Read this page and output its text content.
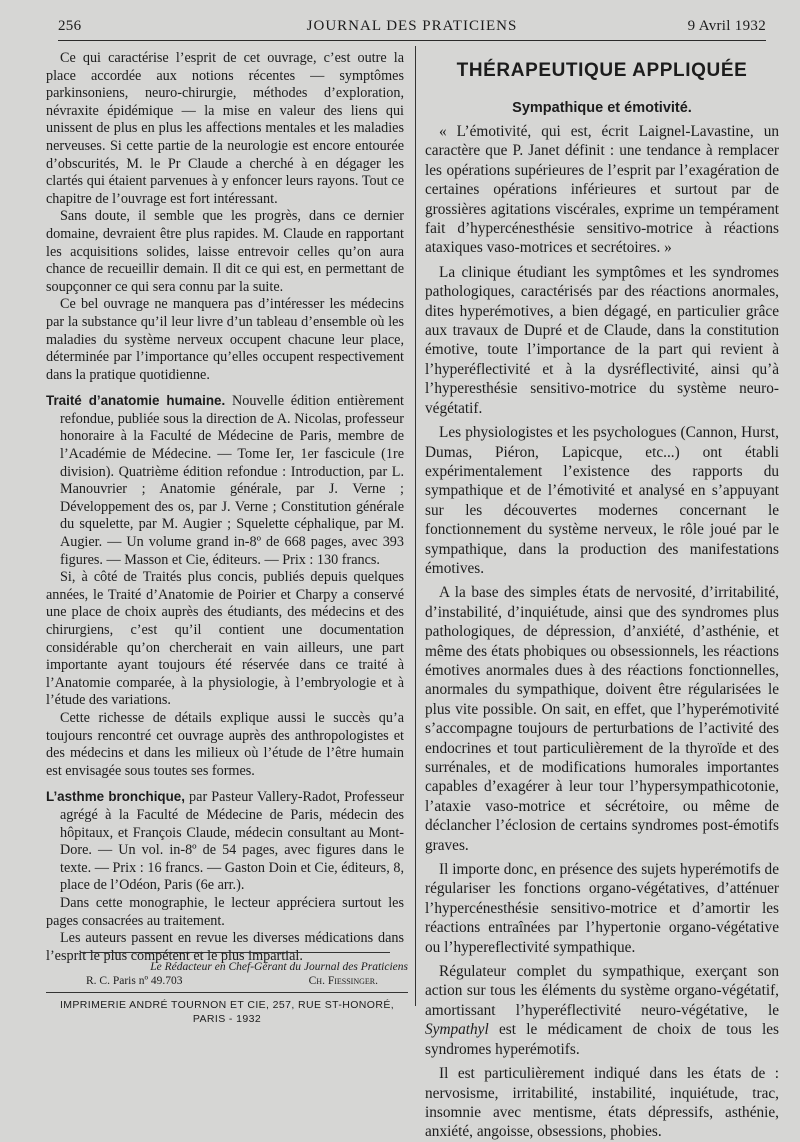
256	JOURNAL DES PRATICIENS	9 Avril 1932

Ce qui caractérise l’esprit de cet ouvrage, c’est outre la place accordée aux notions récentes — symptômes parkinsoniens, neuro-chirurgie, méthodes d’exploration, névraxite épidémique — la mise en valeur des liens qui unissent de plus en plus les affections mentales et les maladies nerveuses. Si cette partie de la neurologie est encore entourée d’obscurités, M. le Pr Claude a cherché à en dégager les clartés qui étaient parvenues à y enfoncer leurs rayons. Tout ce chapitre de l’ouvrage est fort intéressant.

Sans doute, il semble que les progrès, dans ce dernier domaine, devraient être plus rapides. M. Claude en rapportant les acquisitions solides, laisse entrevoir celles qu’on aura chance de recueillir demain. Il dit ce qui est, en permettant de soupçonner ce qui sera connu par la suite.

Ce bel ouvrage ne manquera pas d’intéresser les médecins par la substance qu’il leur livre d’un tableau d’ensemble où les maladies du système nerveux occupent chacune leur place, déterminée par l’importance qu’elles occupent respectivement dans la pratique quotidienne.

Traité d’anatomie humaine. Nouvelle édition entièrement refondue, publiée sous la direction de A. Nicolas, professeur honoraire à la Faculté de Médecine de Paris, membre de l’Académie de Médecine. — Tome Ier, 1er fascicule (1re division). Quatrième édition refondue : Introduction, par L. Manouvrier ; Anatomie générale, par J. Verne ; Développement des os, par J. Verne ; Constitution générale du squelette, par M. Augier ; Squelette céphalique, par M. Augier. — Un volume grand in-8º de 668 pages, avec 393 figures. — Masson et Cie, éditeurs. — Prix : 130 francs.

Si, à côté de Traités plus concis, publiés depuis quelques années, le Traité d’Anatomie de Poirier et Charpy a conservé une place de choix auprès des étudiants, des médecins et des chirurgiens, c’est qu’il contient une documentation considérable qu’on chercherait en vain ailleurs, une part importante ayant toujours été réservée dans ce traité à l’Anatomie comparée, à la physiologie, à l’embryologie et à l’étude des variations.

Cette richesse de détails explique aussi le succès qu’a toujours rencontré cet ouvrage auprès des anthropologistes et des médecins et dans les milieux où l’étude de l’être humain est envisagée sous toutes ses formes.

L’asthme bronchique, par Pasteur Vallery-Radot, Professeur agrégé à la Faculté de Médecine de Paris, médecin des hôpitaux, et François Claude, médecin consultant au Mont-Dore. — Un vol. in-8º de 54 pages, avec figures dans le texte. — Prix : 16 francs. — Gaston Doin et Cie, éditeurs, 8, place de l’Odéon, Paris (6e arr.).

Dans cette monographie, le lecteur appréciera surtout les pages consacrées au traitement.

Les auteurs passent en revue les diverses médications dans l’esprit le plus compétent et le plus impartial.

Le Rédacteur en Chef-Gérant du Journal des Praticiens
R. C. Paris nº 49.703	Ch. Fiessinger.
IMPRIMERIE ANDRÉ TOURNON ET CIE, 257, RUE ST-HONORÉ, PARIS - 1932
THÉRAPEUTIQUE APPLIQUÉE
Sympathique et émotivité.

« L’émotivité, qui est, écrit Laignel-Lavastine, un caractère que P. Janet définit : une tendance à remplacer les opérations supérieures de l’esprit par l’exagération de certaines opérations inférieures et surtout par de grossières agitations viscérales, exprime un tempérament fait d’hypercénesthésie sensitivo-motrice à réactions ataxiques vaso-motrices et secrétoires. »

La clinique étudiant les symptômes et les syndromes pathologiques, caractérisés par des réactions anormales, dites hyperémotives, a bien dégagé, en particulier grâce aux travaux de Dupré et de Claude, dans la constitution émotive, toute l’importance de la part qui revient à l’hyperéflectivité et à la dysréflectivité, ainsi qu’à l’hyperesthésie sensitivo-motrice du système neuro-végétatif.

Les physiologistes et les psychologues (Cannon, Hurst, Dumas, Piéron, Lapicque, etc...) ont établi expérimentalement l’existence des rapports du sympathique et de l’émotivité et analysé en s’appuyant sur les découvertes modernes concernant le fonctionnement du système nerveux, le rôle joué par le sympathique, dans la production des manifestations émotives.

A la base des simples états de nervosité, d’irritabilité, d’instabilité, d’inquiétude, ainsi que des syndromes plus pathologiques, de dépression, d’anxiété, d’asthénie, et même des états phobiques ou obsessionnels, les réactions émotives anormales dues à des réactions fonctionnelles, anormales du sympathique, doivent être régularisées le plus vite possible. On sait, en effet, que l’hyperémotivité s’accompagne toujours de perturbations de l’activité des endocrines et tout particulièrement de la thyroïde et des surrénales, et de modifications humorales importantes capables d’exagérer à leur tour l’hypersympathicotonie, l’ataxie vaso-motrice et sécrétoire, ou même de déclancher l’éclosion de certains syndromes post-émotifs graves.

Il importe donc, en présence des sujets hyperémotifs de régulariser les fonctions organo-végétatives, d’atténuer l’hypercénesthésie sensitivo-motrice et d’amortir les réactions entraînées par l’hypertonie organo-végétative ou l’hypereflectivité sympathique.

Régulateur complet du sympathique, exerçant son action sur tous les éléments du système organo-végétatif, amortissant l’hyperéflectivité neuro-végétative, le Sympathyl est le médicament de choix de tous les syndromes hyperémotifs.

Il est particulièrement indiqué dans les états de : nervosisme, irritabilité, instabilité, inquiétude, trac, insomnie avec mentisme, états dépressifs, asthénie, anxiété, angoisse, obsessions, phobies.
